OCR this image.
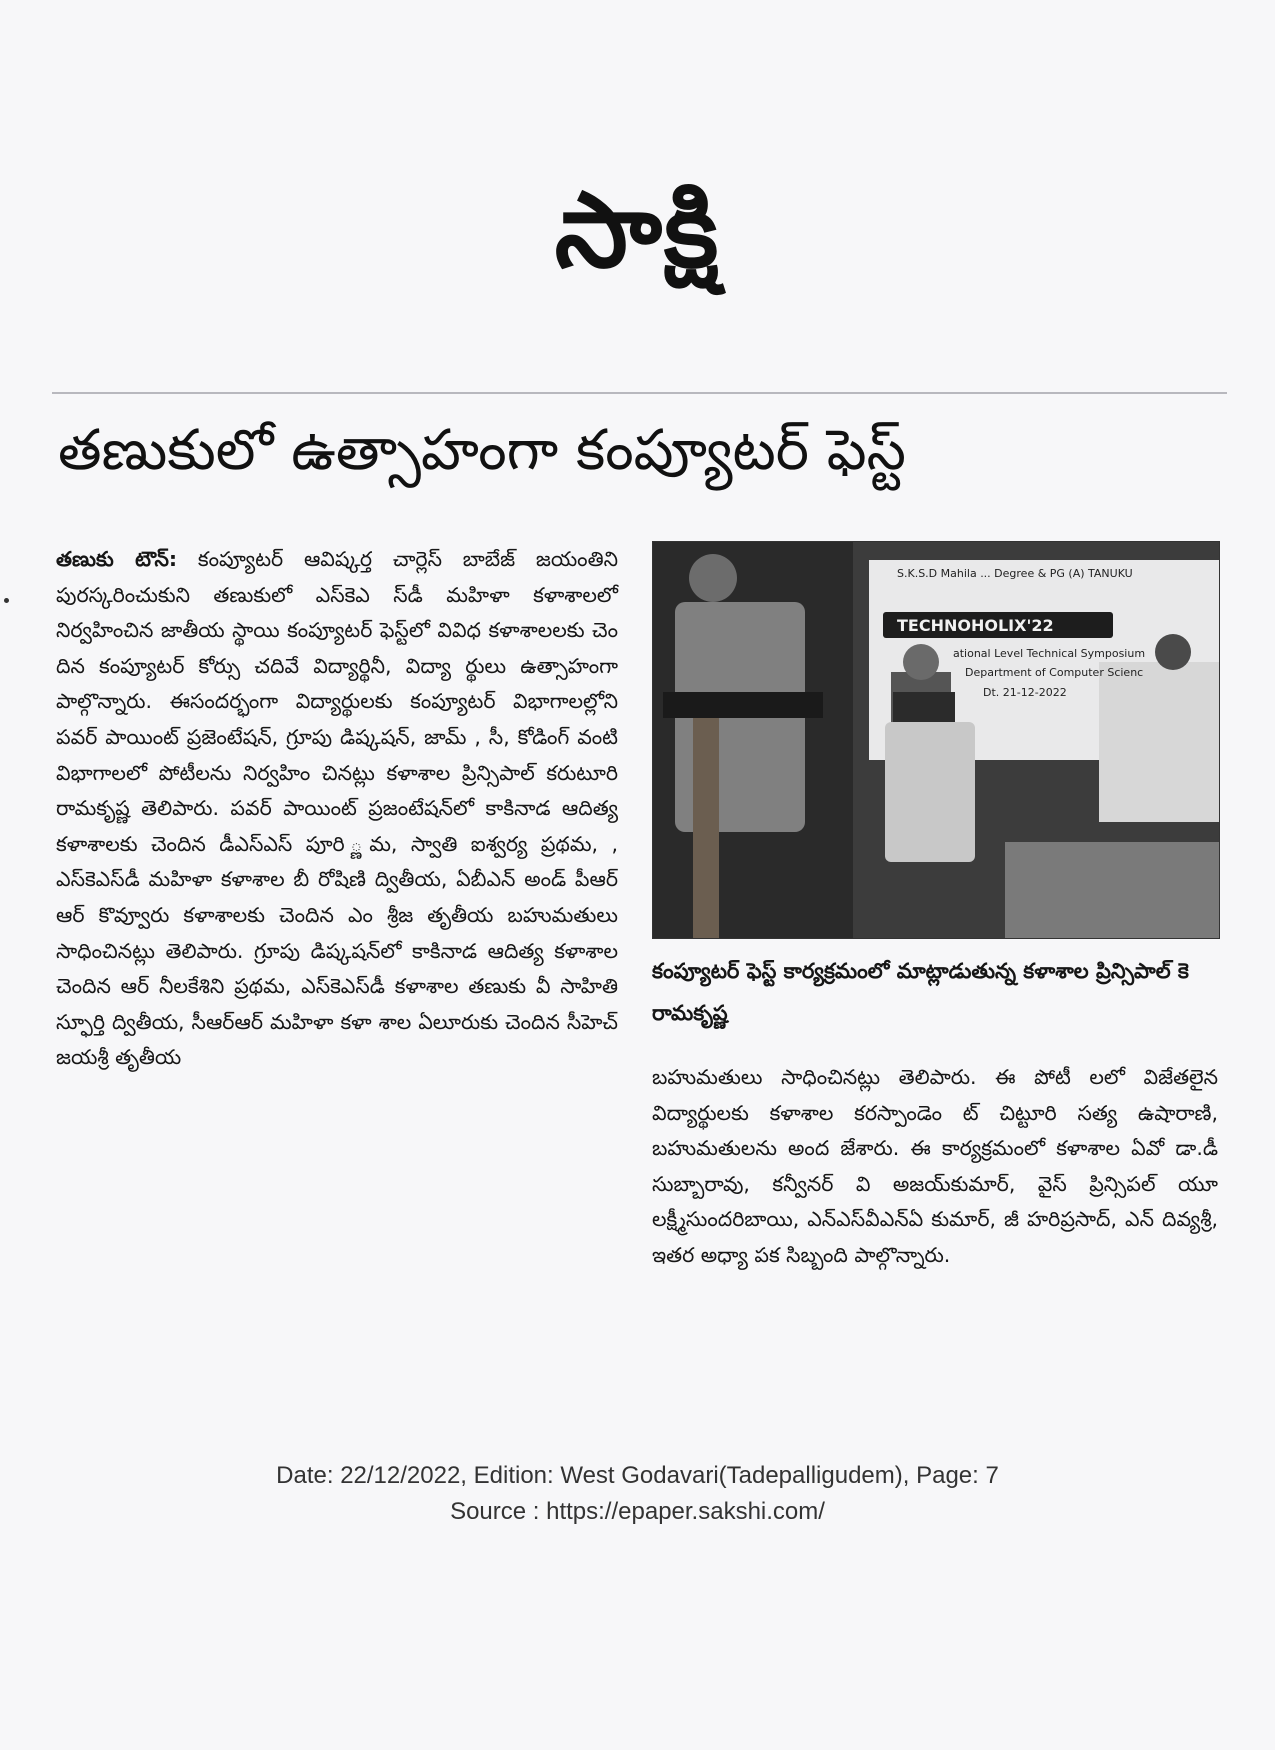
సాక్షి
తణుకులో ఉత్సాహంగా కంప్యూటర్ ఫెస్ట్
తణుకు టౌన్: కంప్యూటర్ ఆవిష్కర్త చార్లెస్ బాబేజ్ జయంతిని పురస్కరించుకుని తణుకులో ఎస్‌కెఎ స్‌డీ మహిళా కళాశాలలో నిర్వహించిన జాతీయ స్థాయి కంప్యూటర్ ఫెస్ట్‌లో వివిధ కళాశాలలకు చెం దిన కంప్యూటర్ కోర్సు చదివే విద్యార్థినీ, విద్యా ర్థులు ఉత్సాహంగా పాల్గొన్నారు. ఈసందర్భంగా విద్యార్థులకు కంప్యూటర్ విభాగాలల్లోని పవర్ పాయింట్ ప్రజెంటేషన్, గ్రూపు డిష్కషన్, జామ్ , సీ, కోడింగ్ వంటి విభాగాలలో పోటీలను నిర్వహిం చినట్లు కళాశాల ప్రిన్సిపాల్ కరుటూరి రామకృష్ణ తెలిపారు. పవర్ పాయింట్ ప్రజంటేషన్‌లో కాకినాడ ఆదిత్య కళాశాలకు చెందిన డీఎస్ఎస్ పూరి ్ణమ, స్వాతి ఐశ్వర్య ప్రథమ, , ఎస్‌కెఎస్‌డీ మహిళా కళాశాల బీ రోషిణి ద్వితీయ, ఏబీఎన్ అండ్ పీఆర్ ఆర్ కొవ్వూరు కళాశాలకు చెందిన ఎం శ్రీజ తృతీయ బహుమతులు సాధించినట్లు తెలిపారు. గ్రూపు డిష్కషన్‌లో కాకినాడ ఆదిత్య కళాశాల చెందిన ఆర్ నీలకేశిని ప్రథమ, ఎస్‌కెఎస్‌డీ కళాశాల తణుకు వీ సాహితి స్ఫూర్తి ద్వితీయ, సీఆర్ఆర్ మహిళా కళా శాల ఏలూరుకు చెందిన సీహెచ్ జయశ్రీ తృతీయ
S.K.S.D Mahila ... Degree & PG (A) TANUKU
TECHNOHOLIX'22
ational Level Technical Symposium
Department of Computer Scienc
Dt. 21-12-2022
కంప్యూటర్ ఫెస్ట్ కార్యక్రమంలో మాట్లాడుతున్న కళాశాల ప్రిన్సిపాల్ కె రామకృష్ణ
బహుమతులు సాధించినట్లు తెలిపారు. ఈ పోటీ లలో విజేతలైన విద్యార్థులకు కళాశాల కరస్పాండెం ట్ చిట్టూరి సత్య ఉషారాణి, బహుమతులను అంద జేశారు. ఈ కార్యక్రమంలో కళాశాల ఏవో డా.డీ సుబ్బారావు, కన్వీనర్ వి అజయ్‌కుమార్, వైస్ ప్రిన్సిపల్ యూ లక్ష్మీసుందరిబాయి, ఎన్ఎస్‌వీఎన్ఏ కుమార్, జీ హరిప్రసాద్, ఎన్ దివ్యశ్రీ, ఇతర అధ్యా పక సిబ్బంది పాల్గొన్నారు.
Date: 22/12/2022, Edition: West Godavari(Tadepalligudem), Page: 7
Source : https://epaper.sakshi.com/
